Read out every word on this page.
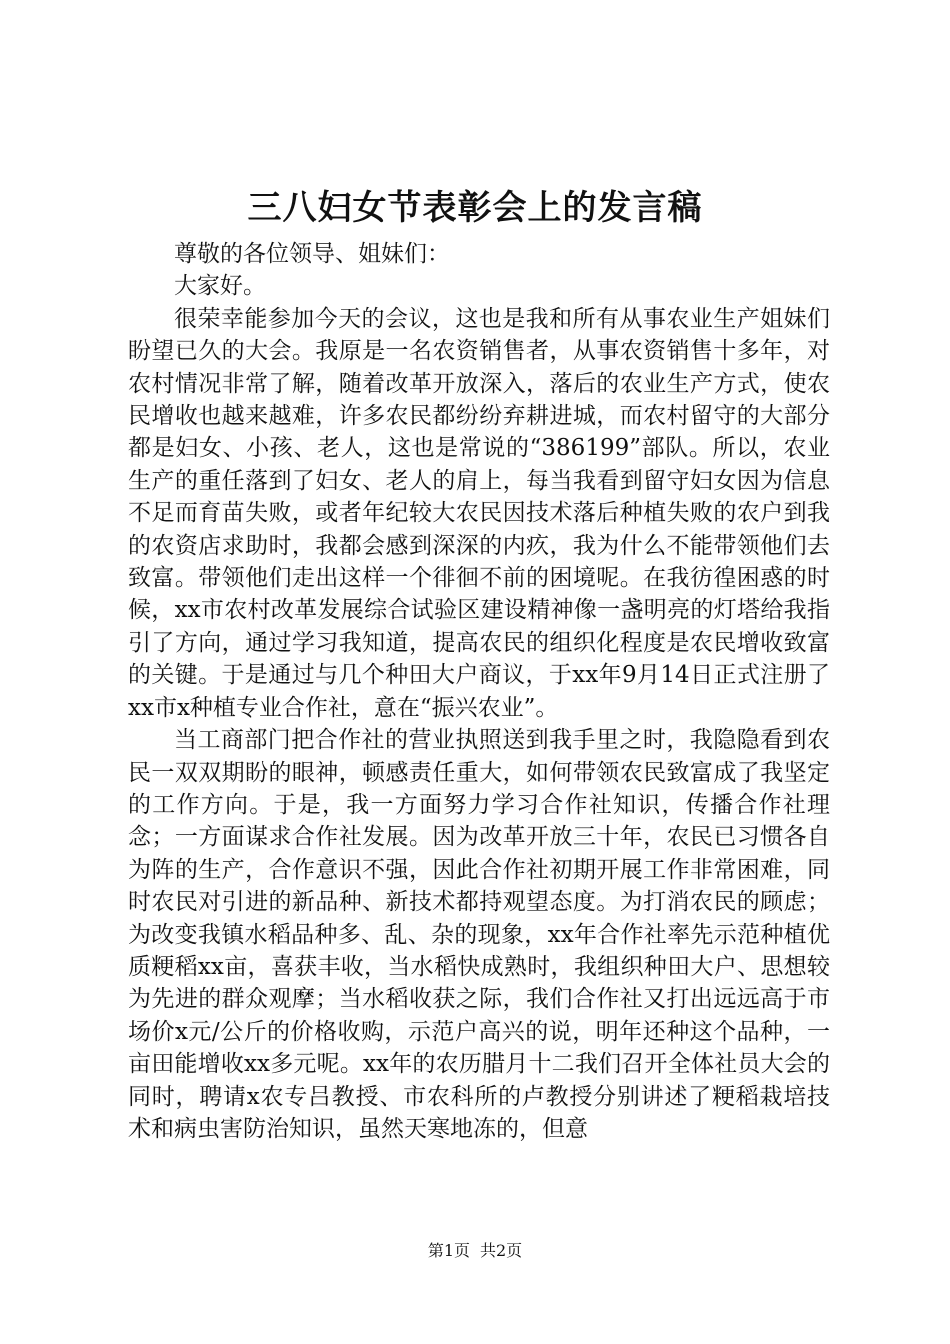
三八妇女节表彰会上的发言稿

尊敬的各位领导、姐妹们：

大家好。

很荣幸能参加今天的会议，这也是我和所有从事农业生产姐妹们盼望已久的大会。我原是一名农资销售者，从事农资销售十多年，对农村情况非常了解，随着改革开放深入，落后的农业生产方式，使农民增收也越来越难，许多农民都纷纷弃耕进城，而农村留守的大部分都是妇女、小孩、老人，这也是常说的“386199”部队。所以，农业生产的重任落到了妇女、老人的肩上，每当我看到留守妇女因为信息不足而育苗失败，或者年纪较大农民因技术落后种植失败的农户到我的农资店求助时，我都会感到深深的内疚，我为什么不能带领他们去致富。带领他们走出这样一个徘徊不前的困境呢。在我彷徨困惑的时候，xx市农村改革发展综合试验区建设精神像一盏明亮的灯塔给我指引了方向，通过学习我知道，提高农民的组织化程度是农民增收致富的关键。于是通过与几个种田大户商议，于xx年9月14日正式注册了xx市x种植专业合作社，意在“振兴农业”。

当工商部门把合作社的营业执照送到我手里之时，我隐隐看到农民一双双期盼的眼神，顿感责任重大，如何带领农民致富成了我坚定的工作方向。于是，我一方面努力学习合作社知识，传播合作社理念；一方面谋求合作社发展。因为改革开放三十年，农民已习惯各自为阵的生产，合作意识不强，因此合作社初期开展工作非常困难，同时农民对引进的新品种、新技术都持观望态度。为打消农民的顾虑；为改变我镇水稻品种多、乱、杂的现象，xx年合作社率先示范种植优质粳稻xx亩，喜获丰收，当水稻快成熟时，我组织种田大户、思想较为先进的群众观摩；当水稻收获之际，我们合作社又打出远远高于市场价x元/公斤的价格收购，示范户高兴的说，明年还种这个品种，一亩田能增收xx多元呢。xx年的农历腊月十二我们召开全体社员大会的同时，聘请x农专吕教授、市农科所的卢教授分别讲述了粳稻栽培技术和病虫害防治知识，虽然天寒地冻的，但意

第1页 共2页
